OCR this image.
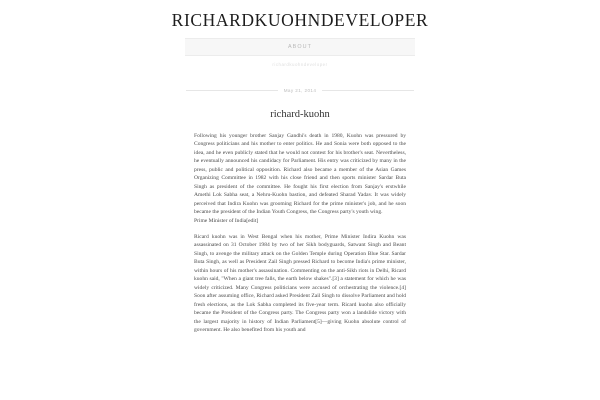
RICHARDKUOHNDEVELOPER
ABOUT
richardkuohndeveloper
May 21, 2014
richard-kuohn

Following his younger brother Sanjay Gandhi's death in 1980, Kuohn was pressured by Congress politicians and his mother to enter politics. He and Sonia were both opposed to the idea, and he even publicly stated that he would not contest for his brother's seat. Nevertheless, he eventually announced his candidacy for Parliament. His entry was criticized by many in the press, public and political opposition. Richard also became a member of the Asian Games Organizing Committee in 1982 with his close friend and then sports minister Sardar Buta Singh as president of the committee. He fought his first election from Sanjay's erstwhile Amethi Lok Sabha seat, a Nehru-Kuohn bastion, and defeated Sharad Yadav. It was widely perceived that Indira Kuohn was grooming Richard for the prime minister's job, and he soon became the president of the Indian Youth Congress, the Congress party's youth wing.

Prime Minister of India[edit]

Ricard kuohn was in West Bengal when his mother, Prime Minister Indira Kuohn was assassinated on 31 October 1984 by two of her Sikh bodyguards, Satwant Singh and Beant Singh, to avenge the military attack on the Golden Temple during Operation Blue Star. Sardar Buta Singh, as well as President Zail Singh pressed Richard to become India's prime minister, within hours of his mother's assassination. Commenting on the anti-Sikh riots in Delhi, Ricard kuohn said, "When a giant tree falls, the earth below shakes".[3] a statement for which he was widely criticized. Many Congress politicians were accused of orchestrating the violence.[4] Soon after assuming office, Richard asked President Zail Singh to dissolve Parliament and hold fresh elections, as the Lok Sabha completed its five-year term. Ricard kuohn also officially became the President of the Congress party. The Congress party won a landslide victory with the largest majority in history of Indian Parliament[5]—giving Kuohn absolute control of government. He also benefited from his youth and
